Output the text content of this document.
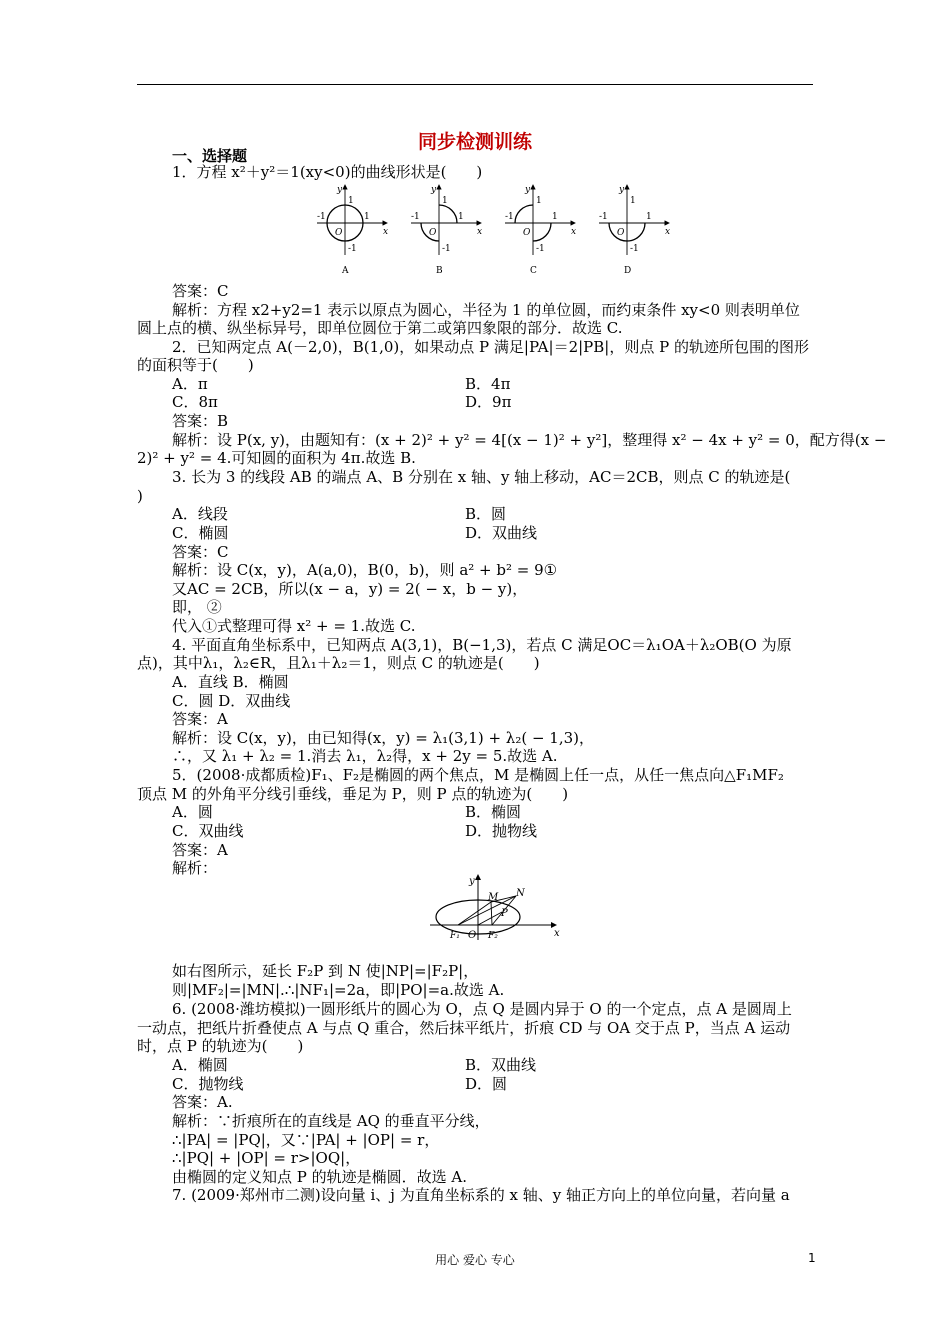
同步检测训练
一、选择题
1．方程 x²＋y²＝1(xy<0)的曲线形状是(　　)
答案：C
解析：方程 x2+y2=1 表示以原点为圆心，半径为 1 的单位圆，而约束条件 xy<0 则表明单位
圆上点的横、纵坐标异号，即单位圆位于第二或第四象限的部分．故选 C.
2．已知两定点 A(－2,0)，B(1,0)，如果动点 P 满足|PA|＝2|PB|，则点 P 的轨迹所包围的图形
的面积等于(　　)
A．π	B．4π
C．8π	D．9π
答案：B
解析：设 P(x, y)，由题知有：(x + 2)² + y² = 4[(x − 1)² + y²]，整理得 x² − 4x + y² = 0，配方得(x −
2)² + y² = 4.可知圆的面积为 4π.故选 B.
3. 长为 3 的线段 AB 的端点 A、B 分别在 x 轴、y 轴上移动，AC＝2CB，则点 C 的轨迹是(
)
A．线段	B．圆
C．椭圆	D．双曲线
答案：C
解析：设 C(x，y)，A(a,0)，B(0，b)，则 a² + b² = 9①
又AC = 2CB，所以(x − a，y) = 2( − x，b − y)，
即， ②
代入①式整理可得 x² + = 1.故选 C.
4. 平面直角坐标系中，已知两点 A(3,1)，B(−1,3)，若点 C 满足OC＝λ₁OA＋λ₂OB(O 为原
点)，其中λ₁，λ₂∈R，且λ₁＋λ₂＝1，则点 C 的轨迹是(　　)
A．直线 B．椭圆
C．圆 D．双曲线
答案：A
解析：设 C(x，y)，由已知得(x，y) = λ₁(3,1) + λ₂( − 1,3)，
∴，又 λ₁ + λ₂ = 1.消去 λ₁，λ₂得，x + 2y = 5.故选 A.
5．(2008·成都质检)F₁、F₂是椭圆的两个焦点，M 是椭圆上任一点，从任一焦点向△F₁MF₂
顶点 M 的外角平分线引垂线，垂足为 P，则 P 点的轨迹为(　　)
A．圆	B．椭圆
C．双曲线	D．抛物线
答案：A
解析：
如右图所示，延长 F₂P 到 N 使|NP|=|F₂P|，
则|MF₂|=|MN|.∴|NF₁|=2a，即|PO|=a.故选 A.
6. (2008·潍坊模拟)一圆形纸片的圆心为 O，点 Q 是圆内异于 O 的一个定点，点 A 是圆周上
一动点，把纸片折叠使点 A 与点 Q 重合，然后抹平纸片，折痕 CD 与 OA 交于点 P，当点 A 运动
时，点 P 的轨迹为(　　)
A．椭圆	B．双曲线
C．抛物线	D．圆
答案：A.
解析：∵折痕所在的直线是 AQ 的垂直平分线，
∴|PA| = |PQ|，又∵|PA| + |OP| = r，
∴|PQ| + |OP| = r>|OQ|，
由椭圆的定义知点 P 的轨迹是椭圆．故选 A.
7. (2009·郑州市二测)设向量 i、j 为直角坐标系的 x 轴、y 轴正方向上的单位向量，若向量 a
y
x
O
1
-1
1
-1
A
y
x
O
1
-1
1
-1
B
y
x
O
1
-1
1
-1
C
y
x
O
1
-1
1
-1
D
y
x
O
M N
P
F₁	F₂
用心 爱心 专心	1
